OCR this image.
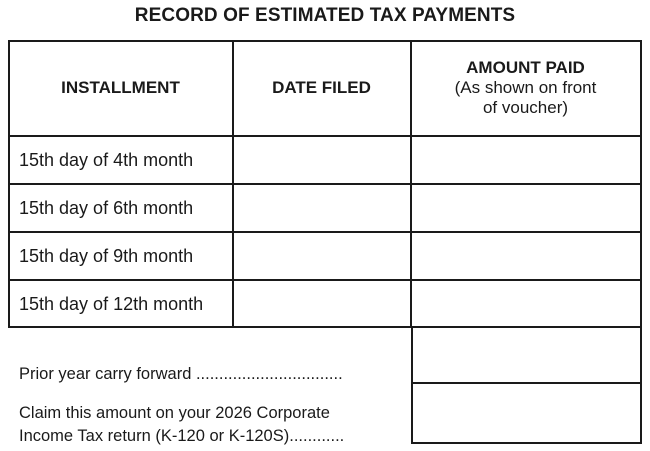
RECORD OF ESTIMATED TAX PAYMENTS
INSTALLMENT	DATE FILED
AMOUNT PAID
(As shown on front
of voucher)
15th day of 4th month
15th day of 6th month
15th day of 9th month
15th day of 12th month
Prior year carry forward ................................
Claim this amount on your 2026 Corporate
Income Tax return (K-120 or K-120S)............
